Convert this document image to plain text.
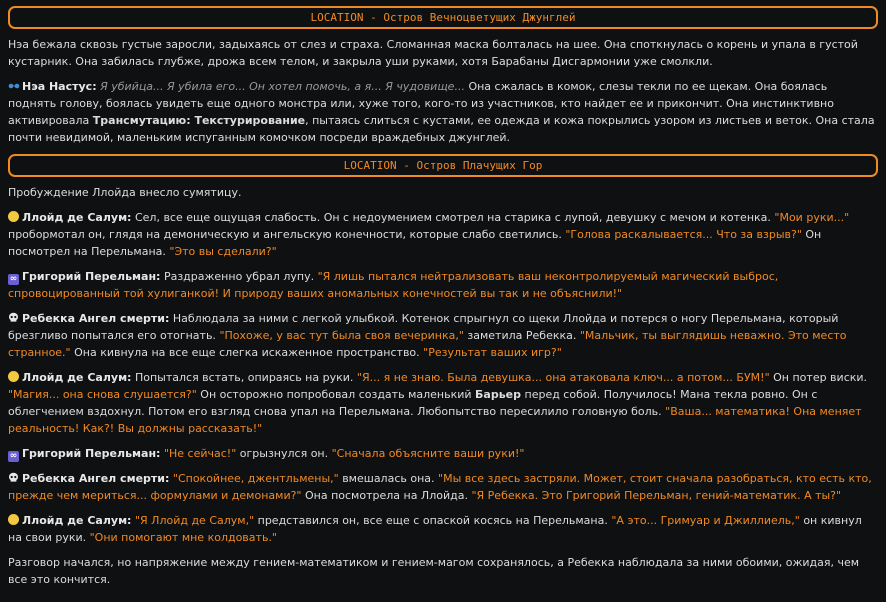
LOCATION - Остров Вечноцветущих Джунглей
Нэа бежала сквозь густые заросли, задыхаясь от слез и страха. Сломанная маска болталась на шее. Она споткнулась о корень и упала в густой кустарник. Она забилась глубже, дрожа всем телом, и закрыла уши руками, хотя Барабаны Дисгармонии уже смолкли.
Нэа Настус: Я убийца... Я убила его... Он хотел помочь, а я... Я чудовище... Она сжалась в комок, слезы текли по ее щекам. Она боялась поднять голову, боялась увидеть еще одного монстра или, хуже того, кого-то из участников, кто найдет ее и прикончит. Она инстинктивно активировала Трансмутацию: Текстурирование, пытаясь слиться с кустами, ее одежда и кожа покрылись узором из листьев и веток. Она стала почти невидимой, маленьким испуганным комочком посреди враждебных джунглей.
LOCATION - Остров Плачущих Гор
Пробуждение Ллойда внесло сумятицу.
Ллойд де Салум: Сел, все еще ощущая слабость. Он с недоумением смотрел на старика с лупой, девушку с мечом и котенка. "Мои руки..." пробормотал он, глядя на демоническую и ангельскую конечности, которые слабо светились. "Голова раскалывается... Что за взрыв?" Он посмотрел на Перельмана. "Это вы сделали?"
∞ Григорий Перельман: Раздраженно убрал лупу. "Я лишь пытался нейтрализовать ваш неконтролируемый магический выброс, спровоцированный той хулиганкой! И природу ваших аномальных конечностей вы так и не объяснили!"
Ребекка Ангел смерти: Наблюдала за ними с легкой улыбкой. Котенок спрыгнул со щеки Ллойда и потерся о ногу Перельмана, который брезгливо попытался его отогнать. "Похоже, у вас тут была своя вечеринка," заметила Ребекка. "Мальчик, ты выглядишь неважно. Это место странное." Она кивнула на все еще слегка искаженное пространство. "Результат ваших игр?"
Ллойд де Салум: Попытался встать, опираясь на руки. "Я... я не знаю. Была девушка... она атаковала ключ... а потом... БУМ!" Он потер виски. "Магия... она снова слушается?" Он осторожно попробовал создать маленький Барьер перед собой. Получилось! Мана текла ровно. Он с облегчением вздохнул. Потом его взгляд снова упал на Перельмана. Любопытство пересилило головную боль. "Ваша... математика! Она меняет реальность! Как?! Вы должны рассказать!"
∞ Григорий Перельман: "Не сейчас!" огрызнулся он. "Сначала объясните ваши руки!"
Ребекка Ангел смерти: "Спокойнее, джентльмены," вмешалась она. "Мы все здесь застряли. Может, стоит сначала разобраться, кто есть кто, прежде чем мериться... формулами и демонами?" Она посмотрела на Ллойда. "Я Ребекка. Это Григорий Перельман, гений-математик. А ты?"
Ллойд де Салум: "Я Ллойд де Салум," представился он, все еще с опаской косясь на Перельмана. "А это... Гримуар и Джиллиель," он кивнул на свои руки. "Они помогают мне колдовать."
Разговор начался, но напряжение между гением-математиком и гением-магом сохранялось, а Ребекка наблюдала за ними обоими, ожидая, чем все это кончится.
